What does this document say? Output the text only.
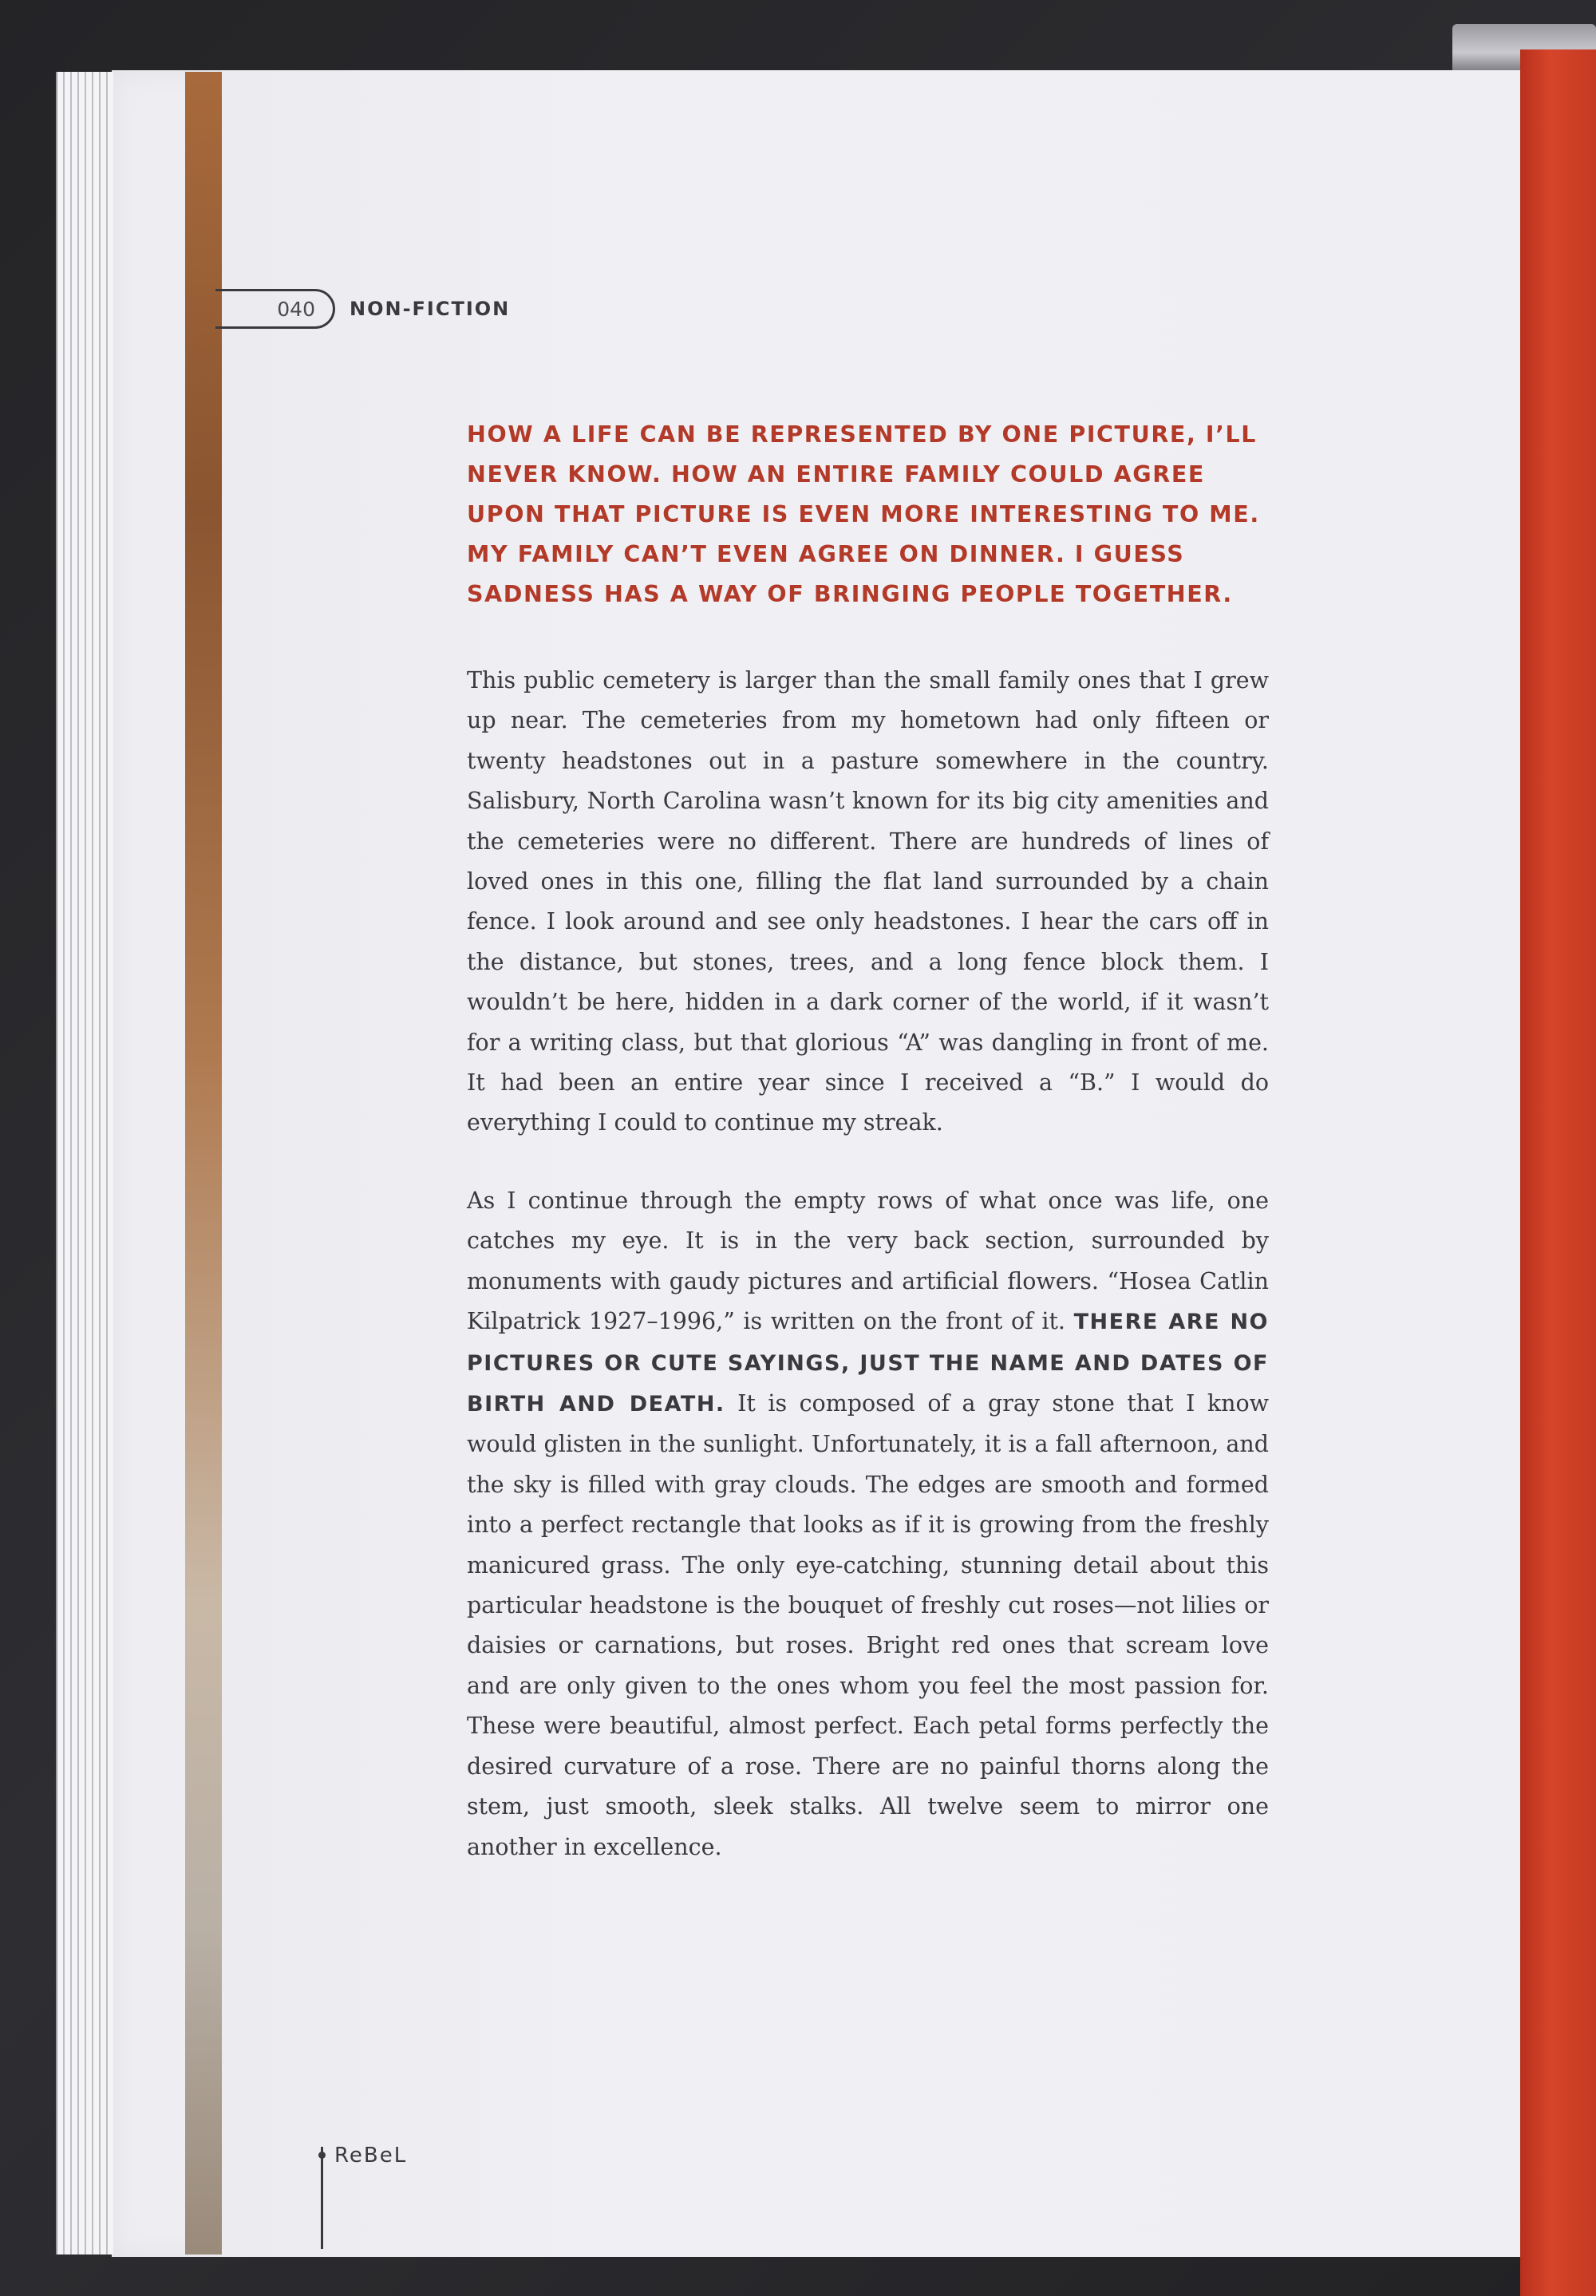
040	NON-FICTION

HOW A LIFE CAN BE REPRESENTED BY ONE PICTURE, I’LL NEVER KNOW. HOW AN ENTIRE FAMILY COULD AGREE UPON THAT PICTURE IS EVEN MORE INTERESTING TO ME. MY FAMILY CAN’T EVEN AGREE ON DINNER. I GUESS SADNESS HAS A WAY OF BRINGING PEOPLE TOGETHER.

This public cemetery is larger than the small family ones that I grew up near. The cemeteries from my hometown had only fifteen or twenty headstones out in a pasture somewhere in the country. Salisbury, North Carolina wasn’t known for its big city amenities and the cemeteries were no different. There are hundreds of lines of loved ones in this one, filling the flat land surrounded by a chain fence. I look around and see only headstones. I hear the cars off in the distance, but stones, trees, and a long fence block them. I wouldn’t be here, hidden in a dark corner of the world, if it wasn’t for a writing class, but that glorious “A” was dangling in front of me. It had been an entire year since I received a “B.” I would do everything I could to continue my streak.

As I continue through the empty rows of what once was life, one catches my eye. It is in the very back section, surrounded by monuments with gaudy pictures and artificial flowers. “Hosea Catlin Kilpatrick 1927–1996,” is written on the front of it. THERE ARE NO PICTURES OR CUTE SAYINGS, JUST THE NAME AND DATES OF BIRTH AND DEATH. It is composed of a gray stone that I know would glisten in the sunlight. Unfortunately, it is a fall afternoon, and the sky is filled with gray clouds. The edges are smooth and formed into a perfect rectangle that looks as if it is growing from the freshly manicured grass. The only eye-catching, stunning detail about this particular headstone is the bouquet of freshly cut roses—not lilies or daisies or carnations, but roses. Bright red ones that scream love and are only given to the ones whom you feel the most passion for. These were beautiful, almost perfect. Each petal forms perfectly the desired curvature of a rose. There are no painful thorns along the stem, just smooth, sleek stalks. All twelve seem to mirror one another in excellence.

ReBeL
